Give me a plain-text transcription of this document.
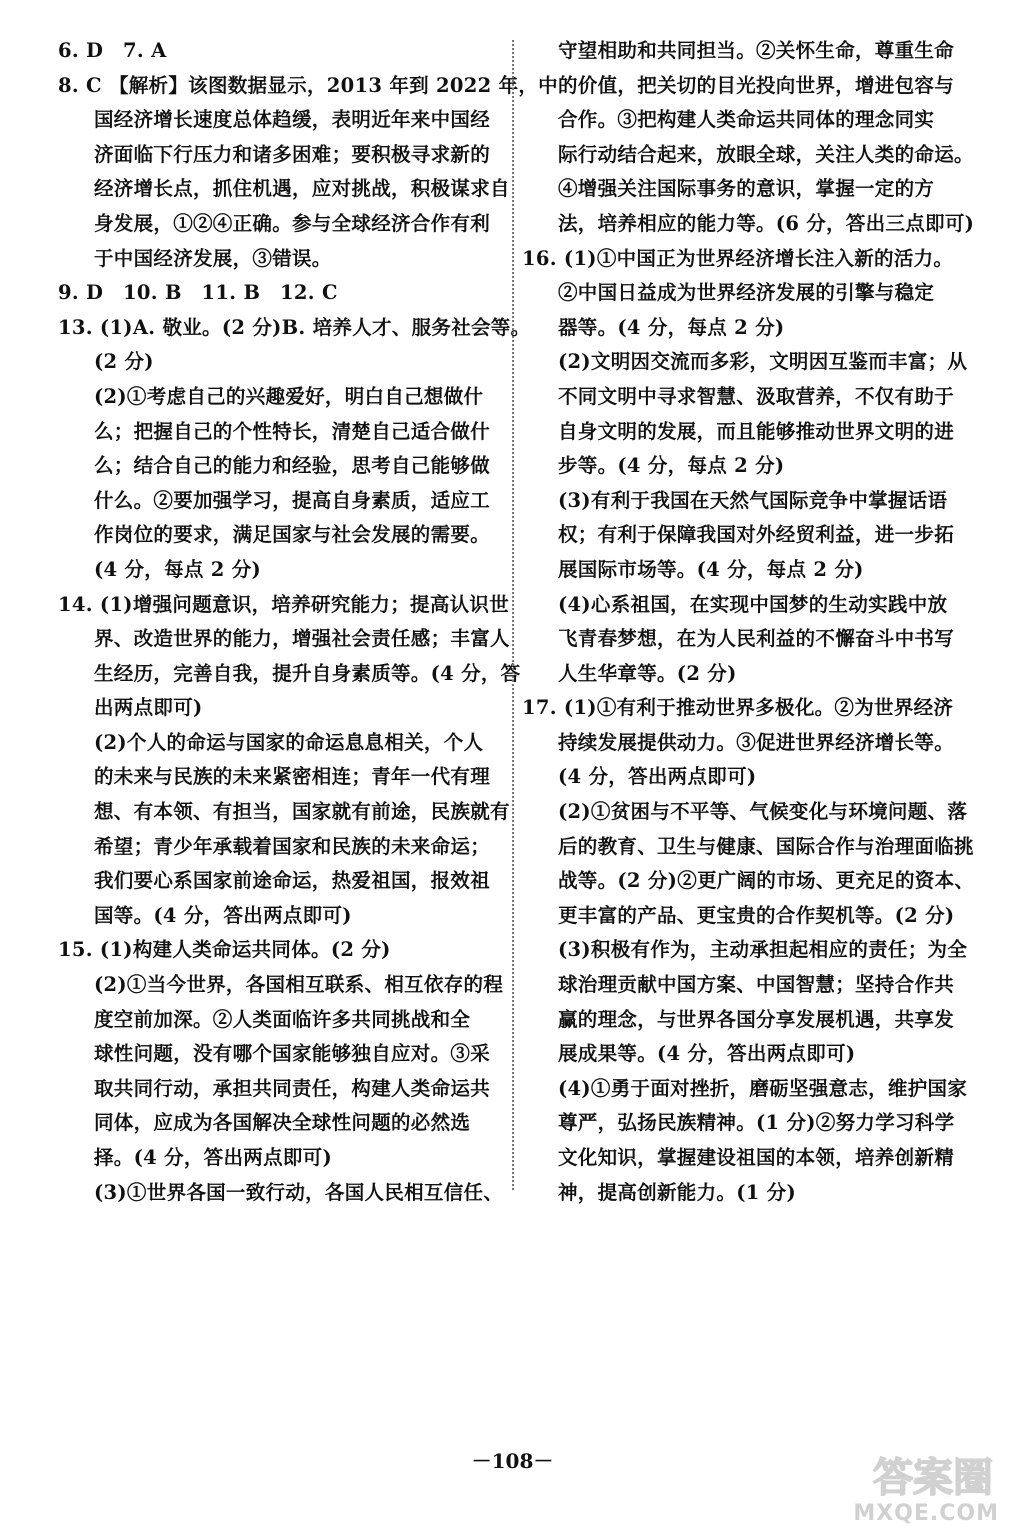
6. D　7. A
8. C 【解析】该图数据显示，2013 年到 2022 年，中
国经济增长速度总体趋缓，表明近年来中国经
济面临下行压力和诸多困难；要积极寻求新的
经济增长点，抓住机遇，应对挑战，积极谋求自
身发展，①②④正确。参与全球经济合作有利
于中国经济发展，③错误。
9. D　10. B　11. B　12. C
13. (1)A. 敬业。(2 分)B. 培养人才、服务社会等。
(2 分)
(2)①考虑自己的兴趣爱好，明白自己想做什
么；把握自己的个性特长，清楚自己适合做什
么；结合自己的能力和经验，思考自己能够做
什么。②要加强学习，提高自身素质，适应工
作岗位的要求，满足国家与社会发展的需要。
(4 分，每点 2 分)
14. (1)增强问题意识，培养研究能力；提高认识世
界、改造世界的能力，增强社会责任感；丰富人
生经历，完善自我，提升自身素质等。(4 分，答
出两点即可)
(2)个人的命运与国家的命运息息相关，个人
的未来与民族的未来紧密相连；青年一代有理
想、有本领、有担当，国家就有前途，民族就有
希望；青少年承载着国家和民族的未来命运；
我们要心系国家前途命运，热爱祖国，报效祖
国等。(4 分，答出两点即可)
15. (1)构建人类命运共同体。(2 分)
(2)①当今世界，各国相互联系、相互依存的程
度空前加深。②人类面临许多共同挑战和全
球性问题，没有哪个国家能够独自应对。③采
取共同行动，承担共同责任，构建人类命运共
同体，应成为各国解决全球性问题的必然选
择。(4 分，答出两点即可)
(3)①世界各国一致行动，各国人民相互信任、
守望相助和共同担当。②关怀生命，尊重生命
的价值，把关切的目光投向世界，增进包容与
合作。③把构建人类命运共同体的理念同实
际行动结合起来，放眼全球，关注人类的命运。
④增强关注国际事务的意识，掌握一定的方
法，培养相应的能力等。(6 分，答出三点即可)
16. (1)①中国正为世界经济增长注入新的活力。
②中国日益成为世界经济发展的引擎与稳定
器等。(4 分，每点 2 分)
(2)文明因交流而多彩，文明因互鉴而丰富；从
不同文明中寻求智慧、汲取营养，不仅有助于
自身文明的发展，而且能够推动世界文明的进
步等。(4 分，每点 2 分)
(3)有利于我国在天然气国际竞争中掌握话语
权；有利于保障我国对外经贸利益，进一步拓
展国际市场等。(4 分，每点 2 分)
(4)心系祖国，在实现中国梦的生动实践中放
飞青春梦想，在为人民利益的不懈奋斗中书写
人生华章等。(2 分)
17. (1)①有利于推动世界多极化。②为世界经济
持续发展提供动力。③促进世界经济增长等。
(4 分，答出两点即可)
(2)①贫困与不平等、气候变化与环境问题、落
后的教育、卫生与健康、国际合作与治理面临挑
战等。(2 分)②更广阔的市场、更充足的资本、
更丰富的产品、更宝贵的合作契机等。(2 分)
(3)积极有作为，主动承担起相应的责任；为全
球治理贡献中国方案、中国智慧；坚持合作共
赢的理念，与世界各国分享发展机遇，共享发
展成果等。(4 分，答出两点即可)
(4)①勇于面对挫折，磨砺坚强意志，维护国家
尊严，弘扬民族精神。(1 分)②努力学习科学
文化知识，掌握建设祖国的本领，培养创新精
神，提高创新能力。(1 分)
－108－	答案圈
MXQE.COM
